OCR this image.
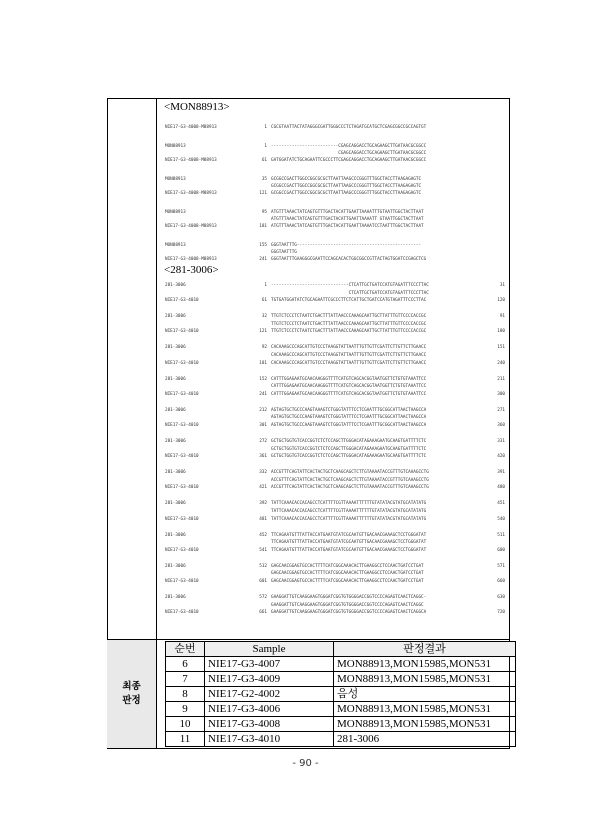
<MON88913>
NIE17-G3-4008-M88913	1 CGCGTAATTACTATAGGGCGATTGGGCCCTCTAGATGCATGCTCGAGCGGCCGCCAGTGT
MON88913	1 --------------------------CGAGCAGGACCTGCAGAAGCTTGATAACGCGGCC
CGAGCAGGACCTGCAGAAGCTTGATAACGCGGCC
NIE17-G3-4008-M88913	61 GATGGATATCTGCAGAATTCGCCCTTCGAGCAGGACCTGCAGAAGCTTGATAACGCGGCC
MON88913	35 GCGGCCGACTTGGCCGGCGCGCTTAATTAAGCCCGGGTTTGGCTACCTTAAGAGAGTC
GCGGCCGACTTGGCCGGCGCGCTTAATTAAGCCCGGGTTTGGCTACCTTAAGAGAGTC
NIE17-G3-4008-M88913	121 GCGGCCGACTTGGCCGGCGCGCTTAATTAAGCCCGGGTTTGGCTACCTTAAGAGAGTC
MON88913	95 ATGTTTAAACTATCAGTGTTTGACTACATTGAATTAAAATTTGTAATTGGCTACTTAAT
ATGTTTAAACTATCAGTGTTTGACTACATTGAATTAAAATT GTAATTGGCTACTTAAT
NIE17-G3-4008-M88913	181 ATGTTTAAACTATCAGTGTTTGACTACATTGAATTAAAATCCTAATTTGGCTACTTAAT
MON88913	155 GGGTAATTTG------------------------------------------------
GGGTAATTTG
NIE17-G3-4008-M88913	241 GGGTAATTTGAAGGGCGAATTCCAGCACACTGGCGGCCGTTACTAGTGGATCCGAGCTCG
<281-3006>
281-3006	1 ------------------------------CTCATTGCTGATCCATGTAGATTTCCCTTAC	31
CTCATTGCTGATCCATGTAGATTTCCCTTAC
NIE17-G3-4010	61 TGTGATGGATATCTGCAGAATTCGCCCTTCTCATTGCTGATCCATGTAGATTTCCCTTAC	120
281-3006	32 TTGTCTCCCTCTAATCTGACTTTATTAACCCAAAGCAATTGCTTATTTGTTCCCCACCGC	91
TTGTCTCCCTCTAATCTGACTTTATTAACCCAAAGCAATTGCTTATTTGTTCCCCACCGC
NIE17-G3-4010	121 TTGTCTCCCTCTAATCTGACTTTATTAACCCAAAGCAATTGCTTATTTGTTCCCCACCGC	180
281-3006	92 CACAAAGCCCAGCATTGTCCCTAAGGTATTAATTTGTTGTTCGATTCTTGTTCTTGAACC	151
CACAAAGCCCAGCATTGTCCCTAAGGTATTAATTTGTTGTTCGATTCTTGTTCTTGAACC
NIE17-G3-4010	181 CACAAAGCCCAGCATTGTCCCTAAGGTATTAATTTGTTGTTCGATTCTTGTTCTTGAACC	240
281-3006	152 CATTTGGAGAATGCAACAAGGGTTTTCATGTCAGCACGGTAATGGTTCTGTGTAAATTCC	211
CATTTGGAGAATGCAACAAGGGTTTTCATGTCAGCACGGTAATGGTTCTGTGTAAATTCC
NIE17-G3-4010	241 CATTTGGAGAATGCAACAAGGGTTTTCATGTCAGCACGGTAATGGTTCTGTGTAAATTCC	300
281-3006	212 AGTAGTGCTGCCCAAGTAAAGTCTGGGTATTTCCTCGAATTTGCGGCATTAACTAAGCCA	271
AGTAGTGCTGCCCAAGTAAAGTCTGGGTATTTCCTCGAATTTGCGGCATTAACTAAGCCA
NIE17-G3-4010	301 AGTAGTGCTGCCCAAGTAAAGTCTGGGTATTTCCTCGAATTTGCGGCATTAACTAAGCCA	360
281-3006	272 GCTGCTGGTGTCACCGGTCTCTCCAGCTTGGGACATAGAAAGAATGCAAGTGATTTTCTC	331
GCTGCTGGTGTCACCGGTCTCTCCAGCTTGGGACATAGAAAGAATGCAAGTGATTTTCTC
NIE17-G3-4010	361 GCTGCTGGTGTCACCGGTCTCTCCAGCTTGGGACATAGAAAGAATGCAAGTGATTTTCTC	420
281-3006	332 ACCGTTTCAGTATTCACTACTGCTCAAGCAGCTCTTGTAAAATACCGTTTGTCAAAGCCTG	391
ACCGTTTCAGTATTCACTACTGCTCAAGCAGCTCTTGTAAAATACCGTTTGTCAAAGCCTG
NIE17-G3-4010	421 ACCGTTTCAGTATTCACTACTGCTCAAGCAGCTCTTGTAAAATACCGTTTGTCAAAGCCTG	480
281-3006	392 TATTCAAACACCACAGCCTCATTTTCGTTAAAATTTTTTGTATATACGTATGCATATATG	451
TATTCAAACACCACAGCCTCATTTTCGTTAAAATTTTTTGTATATACGTATGCATATATG
NIE17-G3-4010	481 TATTCAAACACCACAGCCTCATTTTCGTTAAAATTTTTTGTATATACGTATGCATATATG	540
281-3006	452 TTCAGAATGTTTATTACCATGAATGTATCGCAATGTTGACAACGAAAGCTCCTGGGATAT	511
TTCAGAATGTTTATTACCATGAATGTATCGCAATGTTGACAACGAAAGCTCCTGGGATAT
NIE17-G3-4010	541 TTCAGAATGTTTATTACCATGAATGTATCGCAATGTTGACAACGAAAGCTCCTGGGATAT	600
281-3006	512 GAGCAACGGAGTGCCACTTTTCATCGGCAAACACTTGAAGGCCTCCAACTGATCCTGAT	571
GAGCAACGGAGTGCCACTTTTCATCGGCAAACACTTGAAGGCCTCCAACTGATCCTGAT
NIE17-G3-4010	601 GAGCAACGGAGTGCCACTTTTCATCGGCAAACACTTGAAGGCCTCCAACTGATCCTGAT	660
281-3006	572 GAAGGATTGTCAAGGAAGTGGGATCGGTGTGGGGACCGGTCCCCAGAGTCAACTCAGGC-	630
GAAGGATTGTCAAGGAAGTGGGATCGGTGTGGGGACCGGTCCCCAGAGTCAACTCAGGC
NIE17-G3-4010	661 GAAGGATTGTCAAGGAAGTGGGATCGGTGTGGGGACCGGTCCCCAGAGTCAACTCAGGCA	720
최종
판정
순번	Sample	판정결과
6	NIE17-G3-4007	MON88913,MON15985,MON531
7	NIE17-G3-4009	MON88913,MON15985,MON531
8	NIE17-G2-4002	음성
9	NIE17-G3-4006	MON88913,MON15985,MON531
10	NIE17-G3-4008	MON88913,MON15985,MON531
11	NIE17-G3-4010	281-3006
- 90 -
